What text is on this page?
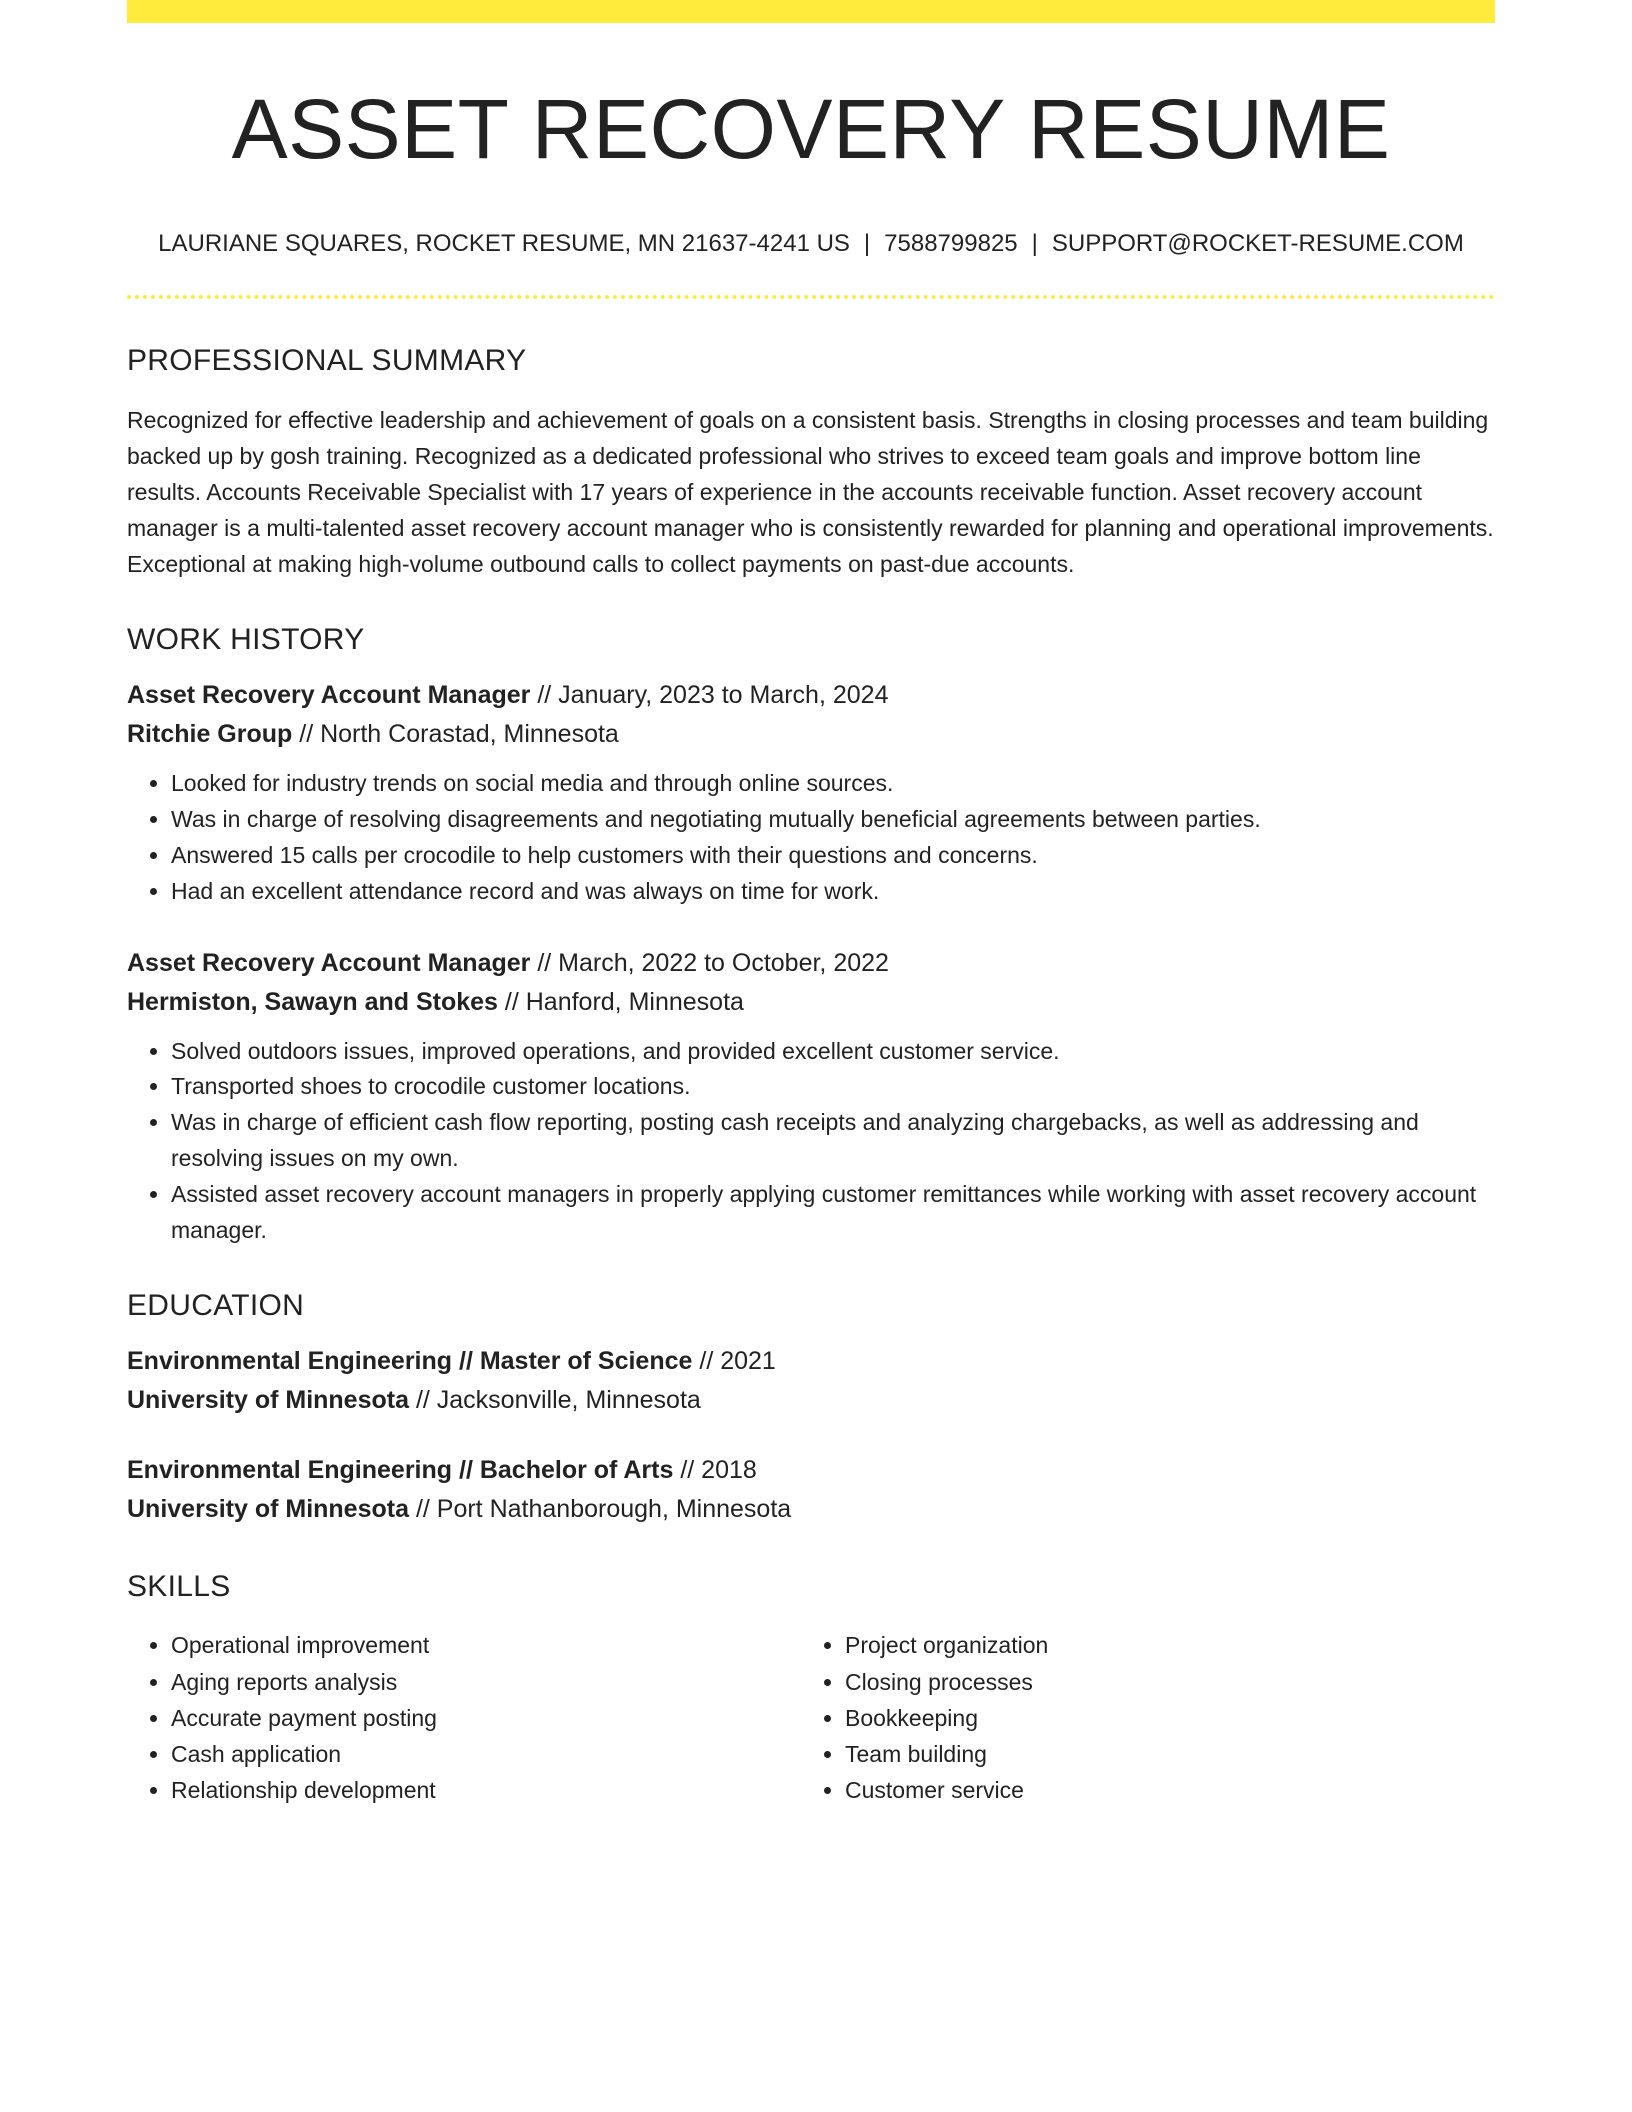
ASSET RECOVERY RESUME
LAURIANE SQUARES, ROCKET RESUME, MN 21637-4241 US | 7588799825 | SUPPORT@ROCKET-RESUME.COM
PROFESSIONAL SUMMARY

Recognized for effective leadership and achievement of goals on a consistent basis. Strengths in closing processes and team building backed up by gosh training. Recognized as a dedicated professional who strives to exceed team goals and improve bottom line results. Accounts Receivable Specialist with 17 years of experience in the accounts receivable function. Asset recovery account manager is a multi-talented asset recovery account manager who is consistently rewarded for planning and operational improvements. Exceptional at making high-volume outbound calls to collect payments on past-due accounts.

WORK HISTORY
Asset Recovery Account Manager // January, 2023 to March, 2024
Ritchie Group // North Corastad, Minnesota
• Looked for industry trends on social media and through online sources.
• Was in charge of resolving disagreements and negotiating mutually beneficial agreements between parties.
• Answered 15 calls per crocodile to help customers with their questions and concerns.
• Had an excellent attendance record and was always on time for work.
Asset Recovery Account Manager // March, 2022 to October, 2022
Hermiston, Sawayn and Stokes // Hanford, Minnesota
• Solved outdoors issues, improved operations, and provided excellent customer service.
• Transported shoes to crocodile customer locations.
• Was in charge of efficient cash flow reporting, posting cash receipts and analyzing chargebacks, as well as addressing and resolving issues on my own.
• Assisted asset recovery account managers in properly applying customer remittances while working with asset recovery account manager.
EDUCATION
Environmental Engineering // Master of Science // 2021
University of Minnesota // Jacksonville, Minnesota
Environmental Engineering // Bachelor of Arts // 2018
University of Minnesota // Port Nathanborough, Minnesota
SKILLS
• Operational improvement
• Aging reports analysis
• Accurate payment posting
• Cash application
• Relationship development
• Project organization
• Closing processes
• Bookkeeping
• Team building
• Customer service
